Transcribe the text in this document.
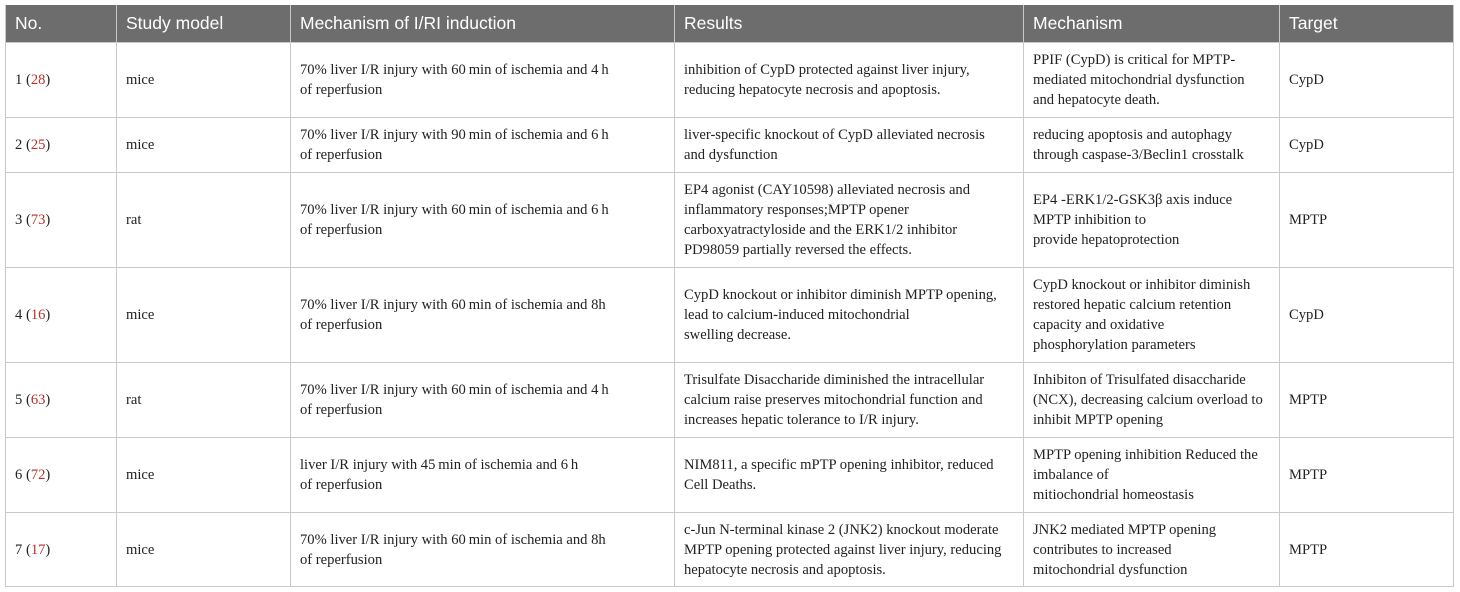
No.	Study model	Mechanism of I/RI induction	Results	Mechanism	Target
1 (28)	mice	70% liver I/R injury with 60 min of ischemia and 4 h
of reperfusion	inhibition of CypD protected against liver injury,
reducing hepatocyte necrosis and apoptosis.	PPIF (CypD) is critical for MPTP-
mediated mitochondrial dysfunction
and hepatocyte death.	CypD
2 (25)	mice	70% liver I/R injury with 90 min of ischemia and 6 h
of reperfusion	liver-specific knockout of CypD alleviated necrosis
and dysfunction	reducing apoptosis and autophagy
through caspase-3/Beclin1 crosstalk	CypD
3 (73)	rat	70% liver I/R injury with 60 min of ischemia and 6 h
of reperfusion	EP4 agonist (CAY10598) alleviated necrosis and
inflammatory responses;MPTP opener
carboxyatractyloside and the ERK1/2 inhibitor
PD98059 partially reversed the effects.	EP4 -ERK1/2-GSK3β axis induce
MPTP inhibition to
provide hepatoprotection	MPTP
4 (16)	mice	70% liver I/R injury with 60 min of ischemia and 8h
of reperfusion	CypD knockout or inhibitor diminish MPTP opening,
lead to calcium-induced mitochondrial
swelling decrease.	CypD knockout or inhibitor diminish
restored hepatic calcium retention
capacity and oxidative
phosphorylation parameters	CypD
5 (63)	rat	70% liver I/R injury with 60 min of ischemia and 4 h
of reperfusion	Trisulfate Disaccharide diminished the intracellular
calcium raise preserves mitochondrial function and
increases hepatic tolerance to I/R injury.	Inhibiton of Trisulfated disaccharide
(NCX), decreasing calcium overload to
inhibit MPTP opening	MPTP
6 (72)	mice	liver I/R injury with 45 min of ischemia and 6 h
of reperfusion	NIM811, a specific mPTP opening inhibitor, reduced
Cell Deaths.	MPTP opening inhibition Reduced the
imbalance of
mitiochondrial homeostasis	MPTP
7 (17)	mice	70% liver I/R injury with 60 min of ischemia and 8h
of reperfusion	c-Jun N-terminal kinase 2 (JNK2) knockout moderate
MPTP opening protected against liver injury, reducing
hepatocyte necrosis and apoptosis.	JNK2 mediated MPTP opening
contributes to increased
mitochondrial dysfunction	MPTP
